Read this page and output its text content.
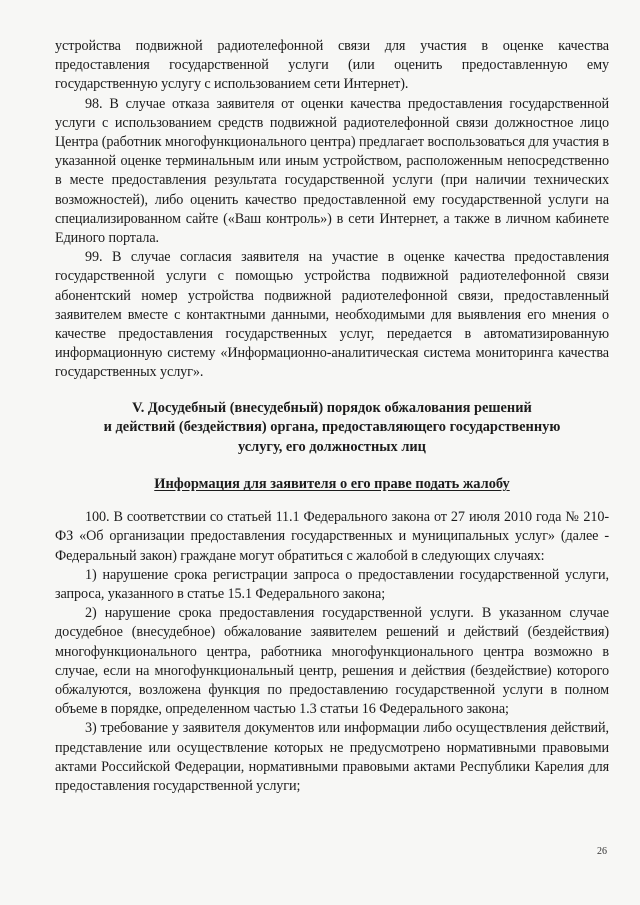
устройства подвижной радиотелефонной связи для участия в оценке качества предоставления государственной услуги (или оценить предоставленную ему государственную услугу с использованием сети Интернет).

98. В случае отказа заявителя от оценки качества предоставления государственной услуги с использованием средств подвижной радиотелефонной связи должностное лицо Центра (работник многофункционального центра) предлагает воспользоваться для участия в указанной оценке терминальным или иным устройством, расположенным непосредственно в месте предоставления результата государственной услуги (при наличии технических возможностей), либо оценить качество предоставленной ему государственной услуги на специализированном сайте («Ваш контроль») в сети Интернет, а также в личном кабинете Единого портала.

99. В случае согласия заявителя на участие в оценке качества предоставления государственной услуги с помощью устройства подвижной радиотелефонной связи абонентский номер устройства подвижной радиотелефонной связи, предоставленный заявителем вместе с контактными данными, необходимыми для выявления его мнения о качестве предоставления государственных услуг, передается в автоматизированную информационную систему «Информационно-аналитическая система мониторинга качества государственных услуг».

V. Досудебный (внесудебный) порядок обжалования решений
и действий (бездействия) органа, предоставляющего государственную
услугу, его должностных лиц
Информация для заявителя о его праве подать жалобу

100. В соответствии со статьей 11.1 Федерального закона от 27 июля 2010 года № 210-ФЗ «Об организации предоставления государственных и муниципальных услуг» (далее - Федеральный закон) граждане могут обратиться с жалобой в следующих случаях:

1) нарушение срока регистрации запроса о предоставлении государственной услуги, запроса, указанного в статье 15.1 Федерального закона;

2) нарушение срока предоставления государственной услуги. В указанном случае досудебное (внесудебное) обжалование заявителем решений и действий (бездействия) многофункционального центра, работника многофункционального центра возможно в случае, если на многофункциональный центр, решения и действия (бездействие) которого обжалуются, возложена функция по предоставлению государственной услуги в полном объеме в порядке, определенном частью 1.3 статьи 16 Федерального закона;

3) требование у заявителя документов или информации либо осуществления действий, представление или осуществление которых не предусмотрено нормативными правовыми актами Российской Федерации, нормативными правовыми актами Республики Карелия для предоставления государственной услуги;

26
